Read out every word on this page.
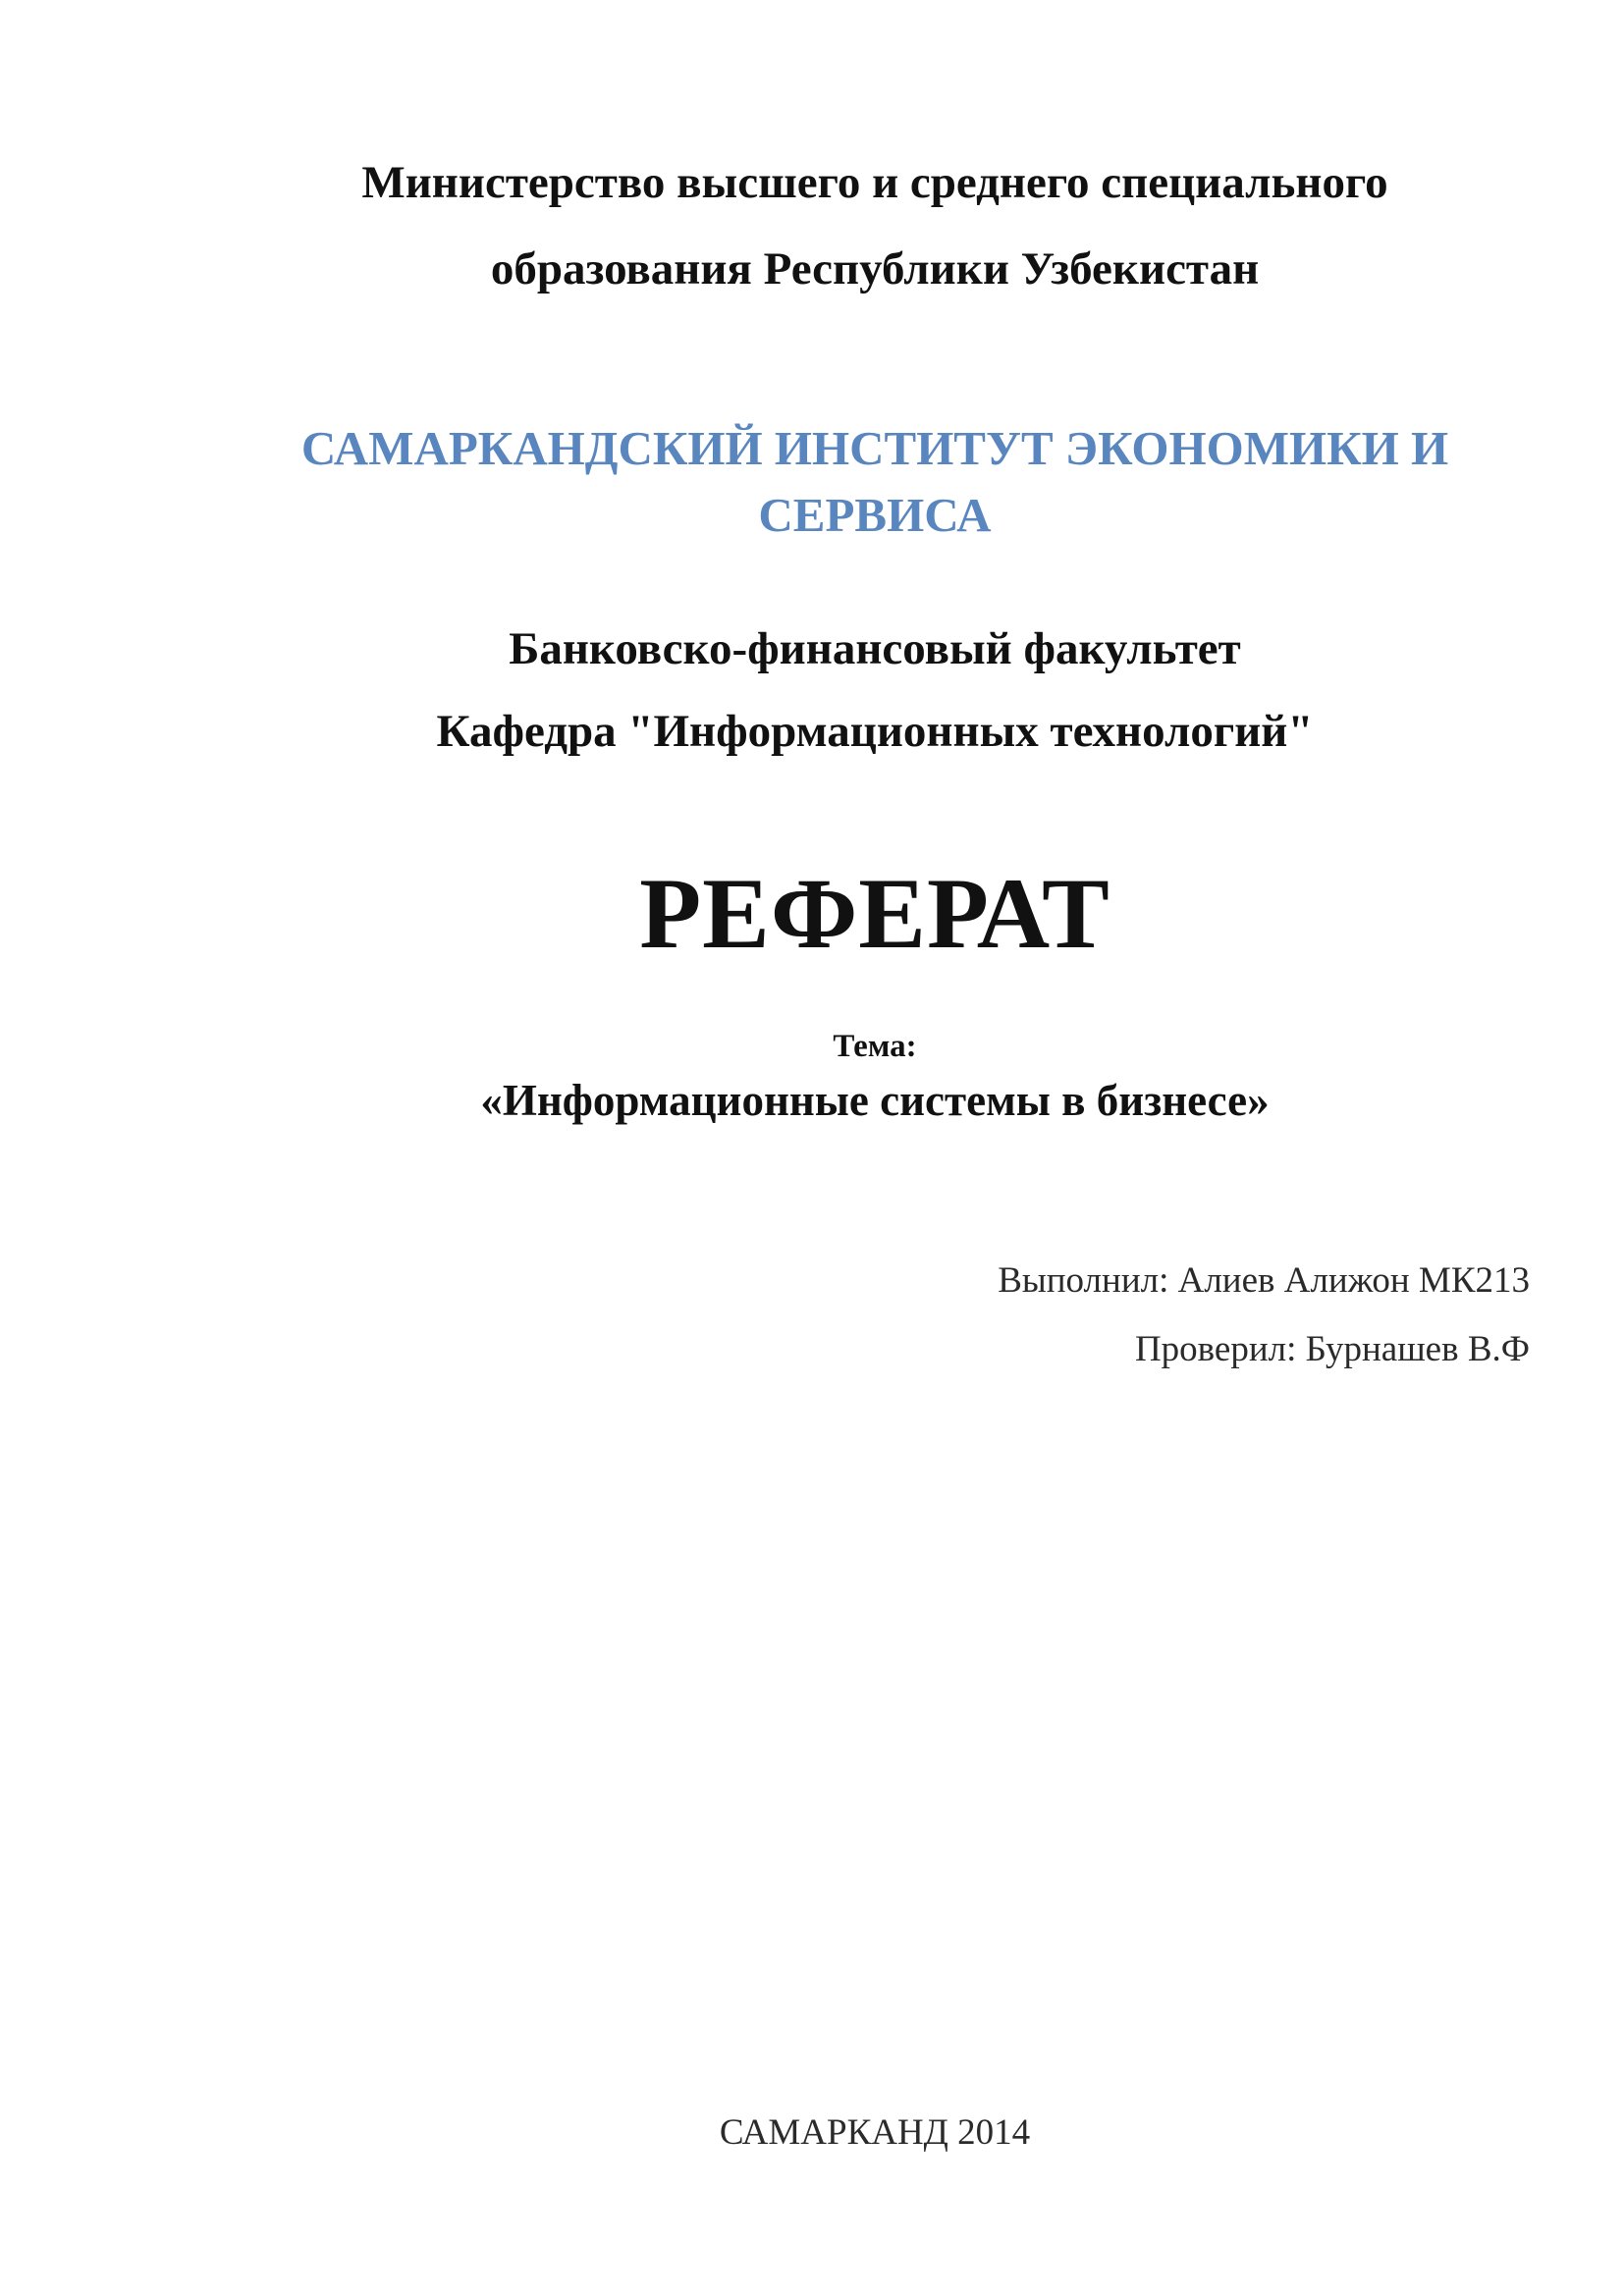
Министерство высшего и среднего специального
образования Республики Узбекистан
САМАРКАНДСКИЙ ИНСТИТУТ ЭКОНОМИКИ И
СЕРВИСА
Банковско-финансовый факультет
Кафедра "Информационных технологий"
РЕФЕРАТ
Тема:
«Информационные системы в бизнесе»
Выполнил: Алиев Алижон МК213
Проверил: Бурнашев В.Ф
САМАРКАНД 2014
